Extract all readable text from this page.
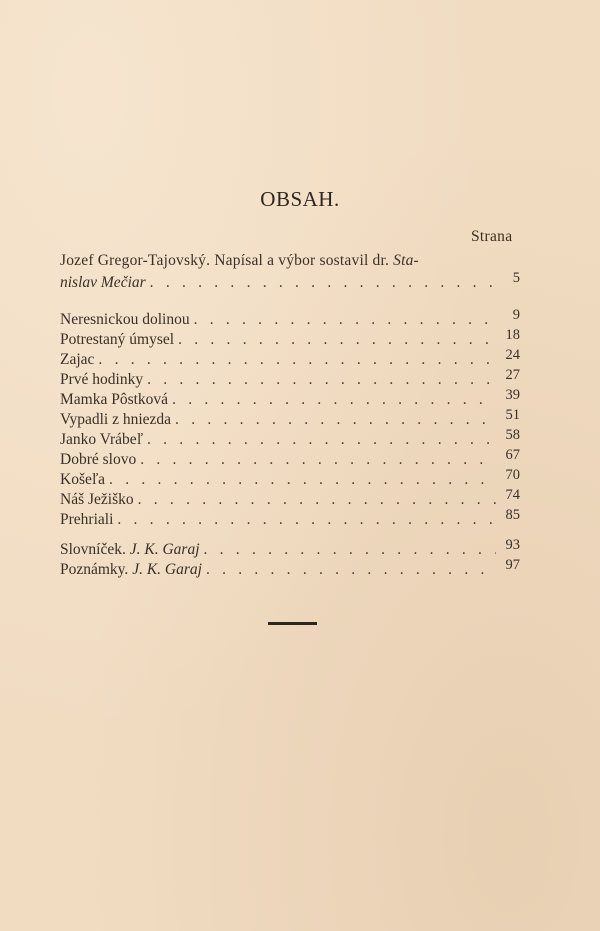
OBSAH.
Strana
Jozef Gregor-Tajovský. Napísal a výbor sostavil dr. Sta-
nislav Mečiar . . .	5
Neresnickou dolinou . . .	9
Potrestaný úmysel . . .	18
Zajac . . .	24
Prvé hodinky . . .	27
Mamka Pôstková . . .	39
Vypadli z hniezda . . .	51
Janko Vrábeľ . . .	58
Dobré slovo . . .	67
Košeľa . . .	70
Náš Ježiško . . .	74
Prehriali . . .	85
Slovníček. J. K. Garaj . . .	93
Poznámky. J. K. Garaj . . .	97
